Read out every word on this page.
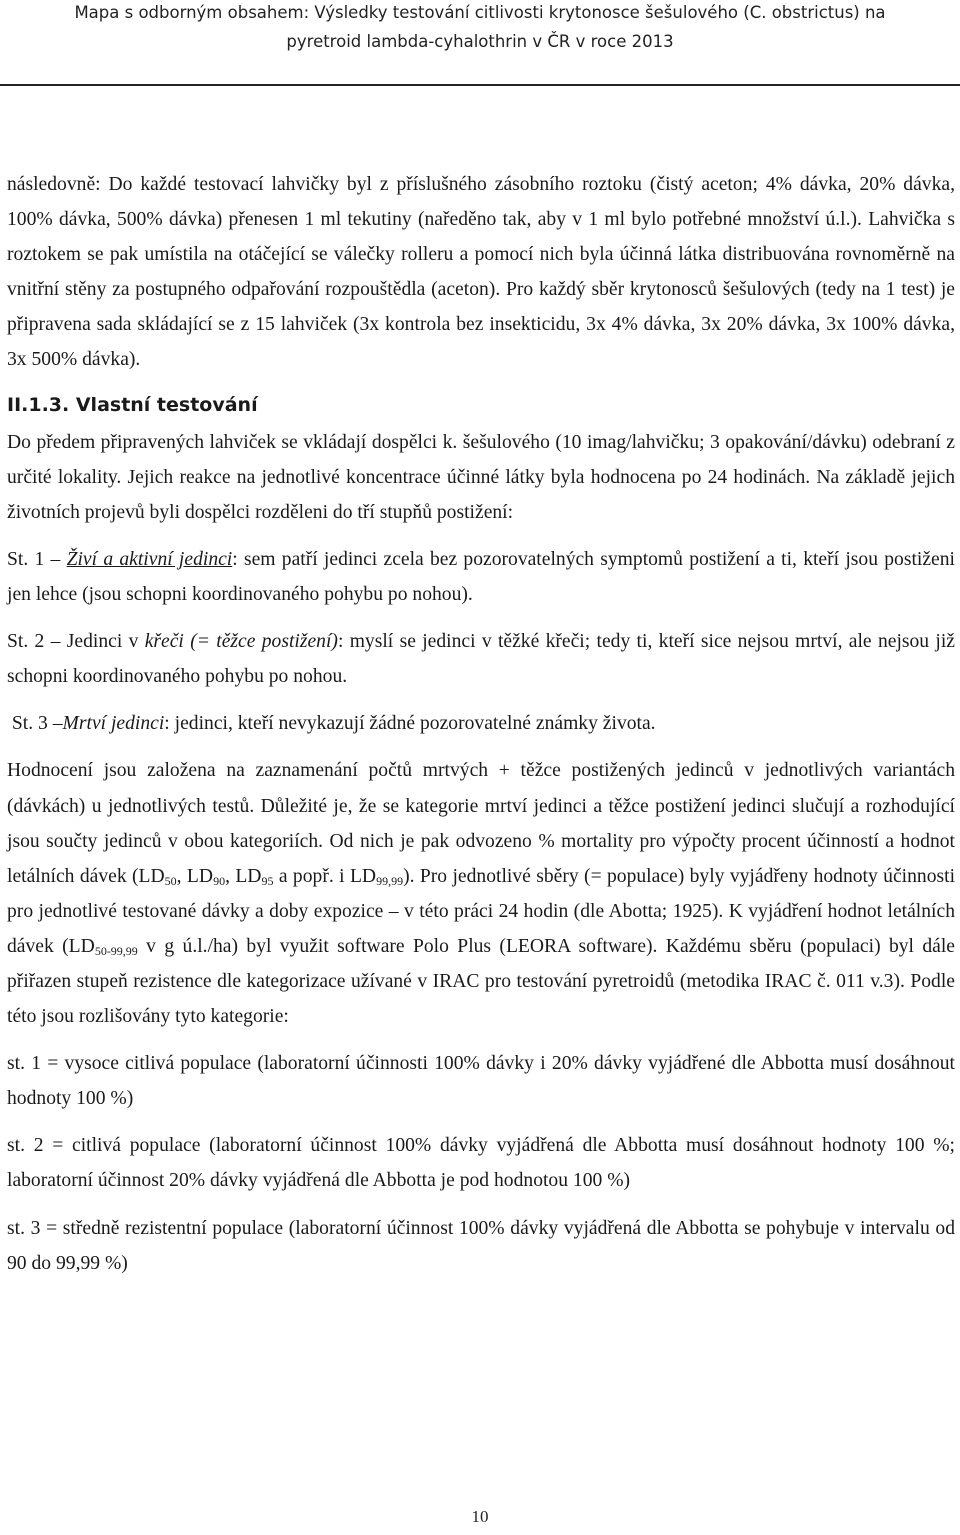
Mapa s odborným obsahem: Výsledky testování citlivosti krytonosce šešulového (C. obstrictus) na
pyretroid lambda-cyhalothrin v ČR v roce 2013

následovně: Do každé testovací lahvičky byl z příslušného zásobního roztoku (čistý aceton; 4% dávka, 20% dávka, 100% dávka, 500% dávka) přenesen 1 ml tekutiny (naředěno tak, aby v 1 ml bylo potřebné množství ú.l.). Lahvička s roztokem se pak umístila na otáčející se válečky rolleru a pomocí nich byla účinná látka distribuována rovnoměrně na vnitřní stěny za postupného odpařování rozpouštědla (aceton). Pro každý sběr krytonosců šešulových (tedy na 1 test) je připravena sada skládající se z 15 lahviček (3x kontrola bez insekticidu, 3x 4% dávka, 3x 20% dávka, 3x 100% dávka, 3x 500% dávka).

II.1.3. Vlastní testování

Do předem připravených lahviček se vkládají dospělci k. šešulového (10 imag/lahvičku; 3 opakování/dávku) odebraní z určité lokality. Jejich reakce na jednotlivé koncentrace účinné látky byla hodnocena po 24 hodinách. Na základě jejich životních projevů byli dospělci rozděleni do tří stupňů postižení:

St. 1 – Živí a aktivní jedinci: sem patří jedinci zcela bez pozorovatelných symptomů postižení a ti, kteří jsou postiženi jen lehce (jsou schopni koordinovaného pohybu po nohou).

St. 2 – Jedinci v křeči (= těžce postižení): myslí se jedinci v těžké křeči; tedy ti, kteří sice nejsou mrtví, ale nejsou již schopni koordinovaného pohybu po nohou.

St. 3 –Mrtví jedinci: jedinci, kteří nevykazují žádné pozorovatelné známky života.

Hodnocení jsou založena na zaznamenání počtů mrtvých + těžce postižených jedinců v jednotlivých variantách (dávkách) u jednotlivých testů. Důležité je, že se kategorie mrtví jedinci a těžce postižení jedinci slučují a rozhodující jsou součty jedinců v obou kategoriích. Od nich je pak odvozeno % mortality pro výpočty procent účinností a hodnot letálních dávek ($LD_{50}$, $LD_{90}$, $LD_{95}$ a popř. i $LD_{99,99}$). Pro jednotlivé sběry (= populace) byly vyjádřeny hodnoty účinnosti pro jednotlivé testované dávky a doby expozice – v této práci 24 hodin (dle Abotta; 1925). K vyjádření hodnot letálních dávek ($LD_{50-99,99}$ v g ú.l./ha) byl využit software Polo Plus (LEORA software). Každému sběru (populaci) byl dále přiřazen stupeň rezistence dle kategorizace užívané v IRAC pro testování pyretroidů (metodika IRAC č. 011 v.3). Podle této jsou rozlišovány tyto kategorie:

st. 1 = vysoce citlivá populace (laboratorní účinnosti 100% dávky i 20% dávky vyjádřené dle Abbotta musí dosáhnout hodnoty 100 %)

st. 2 = citlivá populace (laboratorní účinnost 100% dávky vyjádřená dle Abbotta musí dosáhnout hodnoty 100 %; laboratorní účinnost 20% dávky vyjádřená dle Abbotta je pod hodnotou 100 %)

st. 3 = středně rezistentní populace (laboratorní účinnost 100% dávky vyjádřená dle Abbotta se pohybuje v intervalu od 90 do 99,99 %)

10
